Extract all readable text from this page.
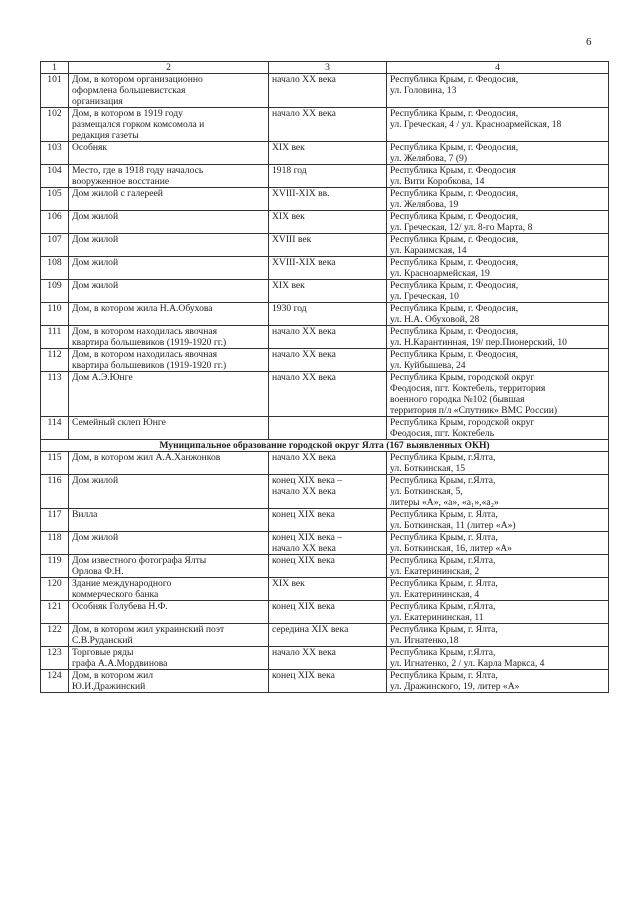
6
1	2	3	4
101	Дом, в котором организационно
оформлена большевистская
организация	начало XX века	Республика Крым, г. Феодосия,
ул. Головина, 13

102	Дом, в котором в 1919 году
размещался горком комсомола и
редакция газеты	начало XX века	Республика Крым, г. Феодосия,
ул. Греческая, 4 / ул. Красноармейская, 18

103	Особняк	XIX век	Республика Крым, г. Феодосия,
ул. Желябова, 7 (9)

104	Место, где в 1918 году началось
вооруженное восстание	1918 год	Республика Крым, г. Феодосия
ул. Вити Коробкова, 14

105	Дом жилой с галереей	XVIII-XIX вв.	Республика Крым, г. Феодосия,
ул. Желябова, 19

106	Дом жилой	XIX век	Республика Крым, г. Феодосия,
ул. Греческая, 12/ ул. 8-го Марта, 8

107	Дом жилой	XVIII век	Республика Крым, г. Феодосия,
ул. Караимская, 14

108	Дом жилой	XVIII-XIX века	Республика Крым, г. Феодосия,
ул. Красноармейская, 19

109	Дом жилой	XIX век	Республика Крым, г. Феодосия,
ул. Греческая, 10

110	Дом, в котором жила Н.А.Обухова	1930 год	Республика Крым, г. Феодосия,
ул. Н.А. Обуховой, 28

111	Дом, в котором находилась явочная
квартира большевиков (1919-1920 гг.)	начало XX века	Республика Крым, г. Феодосия,
ул. Н.Карантинная, 19/ пер.Пионерский, 10

112	Дом, в котором находилась явочная
квартира большевиков (1919-1920 гг.)	начало XX века	Республика Крым, г. Феодосия,
ул. Куйбышева, 24

113	Дом А.Э.Юнге	начало XX века	Республика Крым, городской округ
Феодосия, пгт. Коктебель, территория
военного городка №102 (бывшая
территория п/л «Спутник» ВМС России)

114	Семейный склеп Юнге		Республика Крым, городской округ
Феодосия, пгт. Коктебель

Муниципальное образование городской округ Ялта (167 выявленных ОКН)			
115	Дом, в котором жил А.А.Ханжонков	начало XX века	Республика Крым, г.Ялта,
ул. Боткинская, 15

116	Дом жилой	конец XIX века –
начало XX века	Республика Крым, г.Ялта,
ул. Боткинская, 5,
литеры «А», «а», «а₁»,«а₂»

117	Вилла	конец XIX века	Республика Крым, г. Ялта,
ул. Боткинская, 11 (литер «А»)

118	Дом жилой	конец XIX века –
начало XX века	Республика Крым, г. Ялта,
ул. Боткинская, 16, литер «А»

119	Дом известного фотографа Ялты
Орлова Ф.Н.	конец XIX века	Республика Крым, г.Ялта,
ул. Екатерининская, 2

120	Здание международного
коммерческого банка	XIX век	Республика Крым, г. Ялта,
ул. Екатерининская, 4

121	Особняк Голубева Н.Ф.	конец XIX века	Республика Крым, г.Ялта,
ул. Екатерининская, 11

122	Дом, в котором жил украинский поэт
С.В.Руданский	середина XIX века	Республика Крым, г. Ялта,
ул. Игнатенко,18

123	Торговые ряды
графа А.А.Мордвинова	начало XX века	Республика Крым, г.Ялта,
ул. Игнатенко, 2 / ул. Карла Маркса, 4

124	Дом, в котором жил
Ю.И.Дражинский	конец XIX века	Республика Крым, г. Ялта,
ул. Дражинского, 19, литер «А»
